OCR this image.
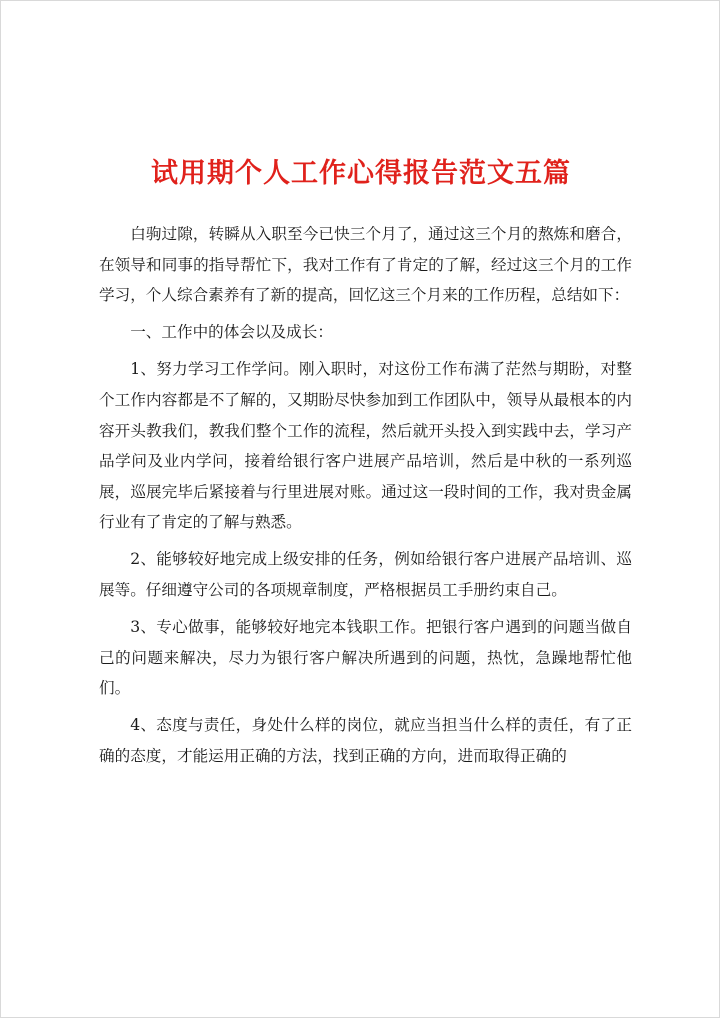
试用期个人工作心得报告范文五篇

白驹过隙，转瞬从入职至今已快三个月了，通过这三个月的熬炼和磨合，在领导和同事的指导帮忙下，我对工作有了肯定的了解，经过这三个月的工作学习，个人综合素养有了新的提高，回忆这三个月来的工作历程，总结如下：

一、工作中的体会以及成长：

1、努力学习工作学问。刚入职时，对这份工作布满了茫然与期盼，对整个工作内容都是不了解的，又期盼尽快参加到工作团队中，领导从最根本的内容开头教我们，教我们整个工作的流程，然后就开头投入到实践中去，学习产品学问及业内学问，接着给银行客户进展产品培训，然后是中秋的一系列巡展，巡展完毕后紧接着与行里进展对账。通过这一段时间的工作，我对贵金属行业有了肯定的了解与熟悉。

2、能够较好地完成上级安排的任务，例如给银行客户进展产品培训、巡展等。仔细遵守公司的各项规章制度，严格根据员工手册约束自己。

3、专心做事，能够较好地完本钱职工作。把银行客户遇到的问题当做自己的问题来解决，尽力为银行客户解决所遇到的问题，热忱，急躁地帮忙他们。

4、态度与责任，身处什么样的岗位，就应当担当什么样的责任，有了正确的态度，才能运用正确的方法，找到正确的方向，进而取得正确的
